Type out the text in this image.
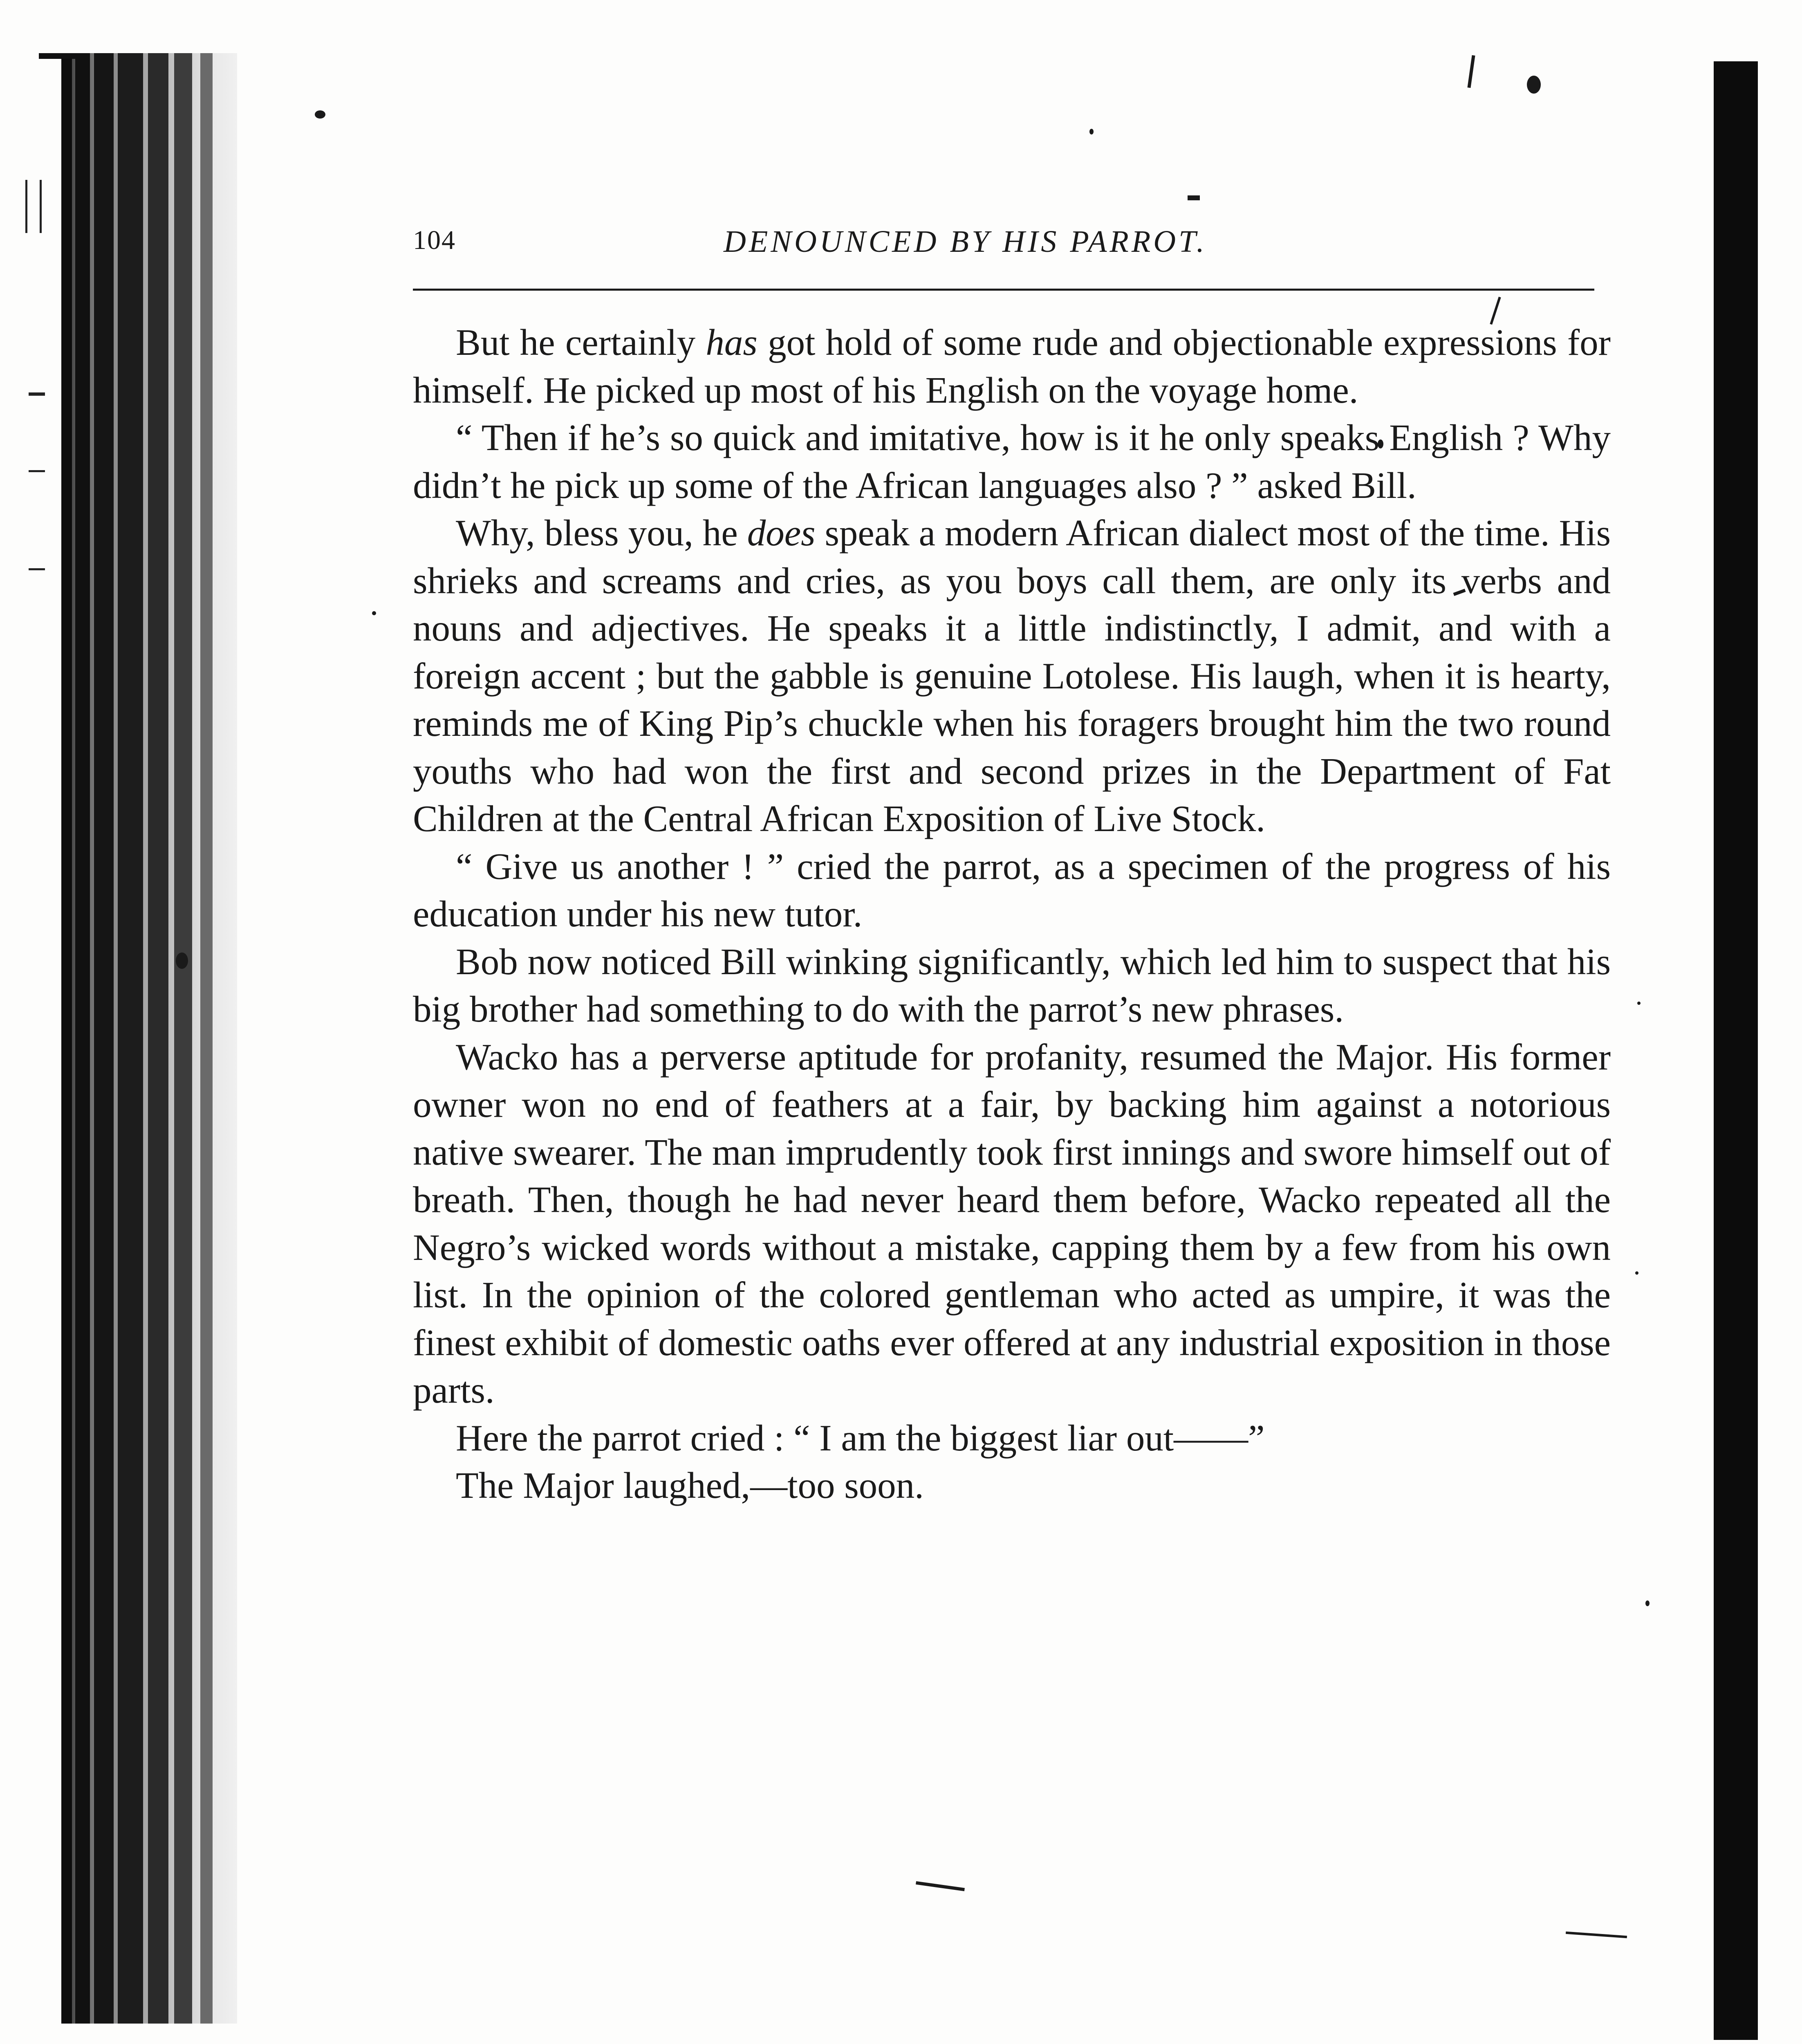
104	DENOUNCED BY HIS PARROT.

But he certainly has got hold of some rude and objectionable expressions for himself. He picked up most of his English on the voyage home.

“ Then if he’s so quick and imitative, how is it he only speaks English ? Why didn’t he pick up some of the African languages also ? ” asked Bill.

Why, bless you, he does speak a modern African dialect most of the time. His shrieks and screams and cries, as you boys call them, are only its verbs and nouns and adjectives. He speaks it a little indistinctly, I admit, and with a foreign accent ; but the gabble is genuine Lotolese. His laugh, when it is hearty, reminds me of King Pip’s chuckle when his foragers brought him the two round youths who had won the first and second prizes in the Department of Fat Children at the Central African Exposition of Live Stock.

“ Give us another ! ” cried the parrot, as a specimen of the progress of his education under his new tutor.

Bob now noticed Bill winking significantly, which led him to suspect that his big brother had something to do with the parrot’s new phrases.

Wacko has a perverse aptitude for profanity, resumed the Major. His former owner won no end of feathers at a fair, by backing him against a notorious native swearer. The man imprudently took first innings and swore himself out of breath. Then, though he had never heard them before, Wacko repeated all the Negro’s wicked words without a mistake, capping them by a few from his own list. In the opinion of the colored gentleman who acted as umpire, it was the finest exhibit of domestic oaths ever offered at any industrial exposition in those parts.

Here the parrot cried : “ I am the biggest liar out——”

The Major laughed,—too soon.
